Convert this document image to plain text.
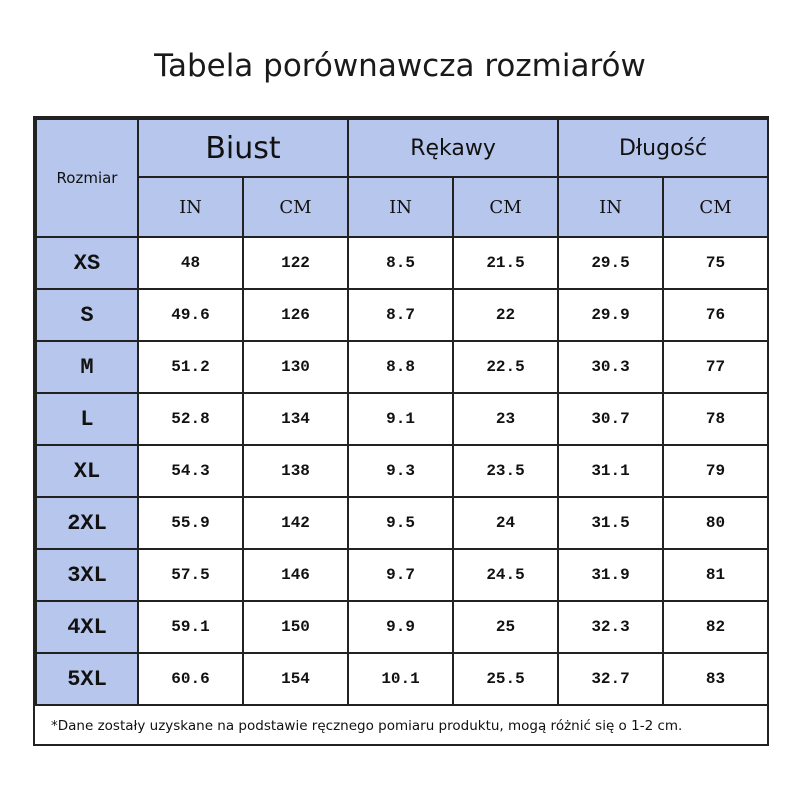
Tabela porównawcza rozmiarów
Rozmiar	Biust		Rękawy		Długość	
	IN	CM	IN	CM	IN	CM
XS	48	122	8.5	21.5	29.5	75
S	49.6	126	8.7	22	29.9	76
M	51.2	130	8.8	22.5	30.3	77
L	52.8	134	9.1	23	30.7	78
XL	54.3	138	9.3	23.5	31.1	79
2XL	55.9	142	9.5	24	31.5	80
3XL	57.5	146	9.7	24.5	31.9	81
4XL	59.1	150	9.9	25	32.3	82
5XL	60.6	154	10.1	25.5	32.7	83
*Dane zostały uzyskane na podstawie ręcznego pomiaru produktu, mogą różnić się o 1-2 cm.
